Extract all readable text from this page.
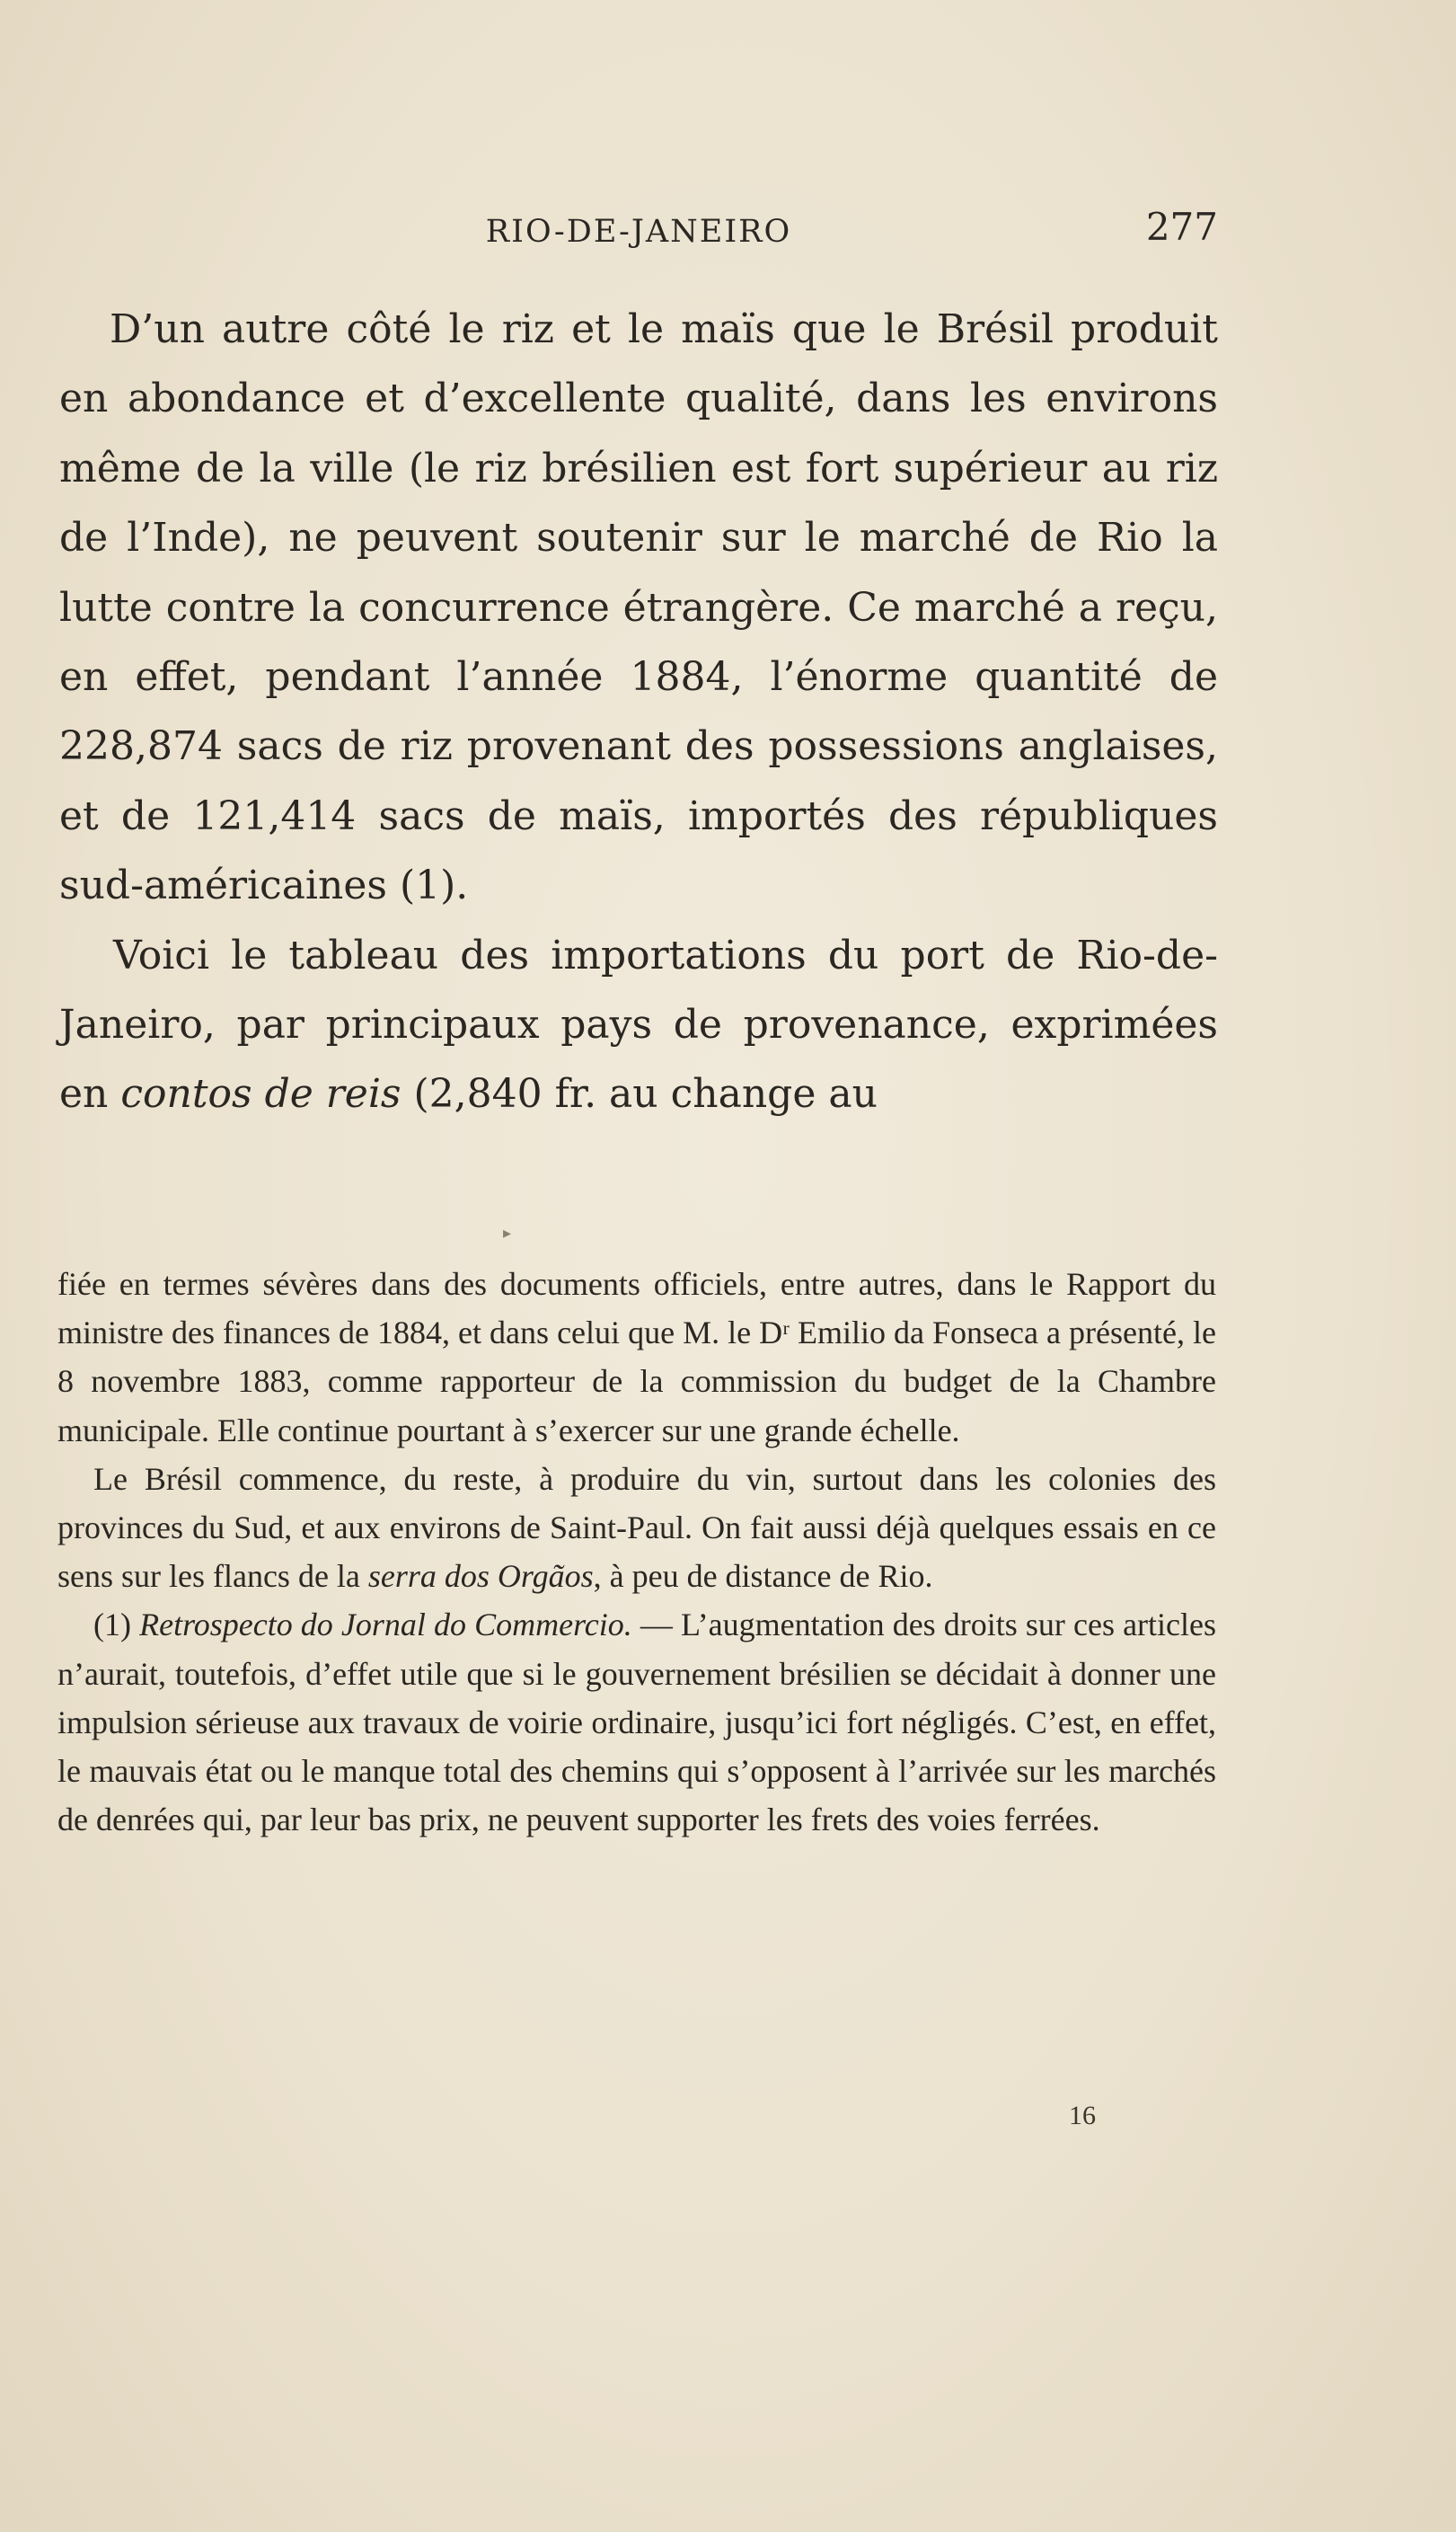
RIO-DE-JANEIRO	277

D’un autre côté le riz et le maïs que le Brésil produit en abondance et d’excellente qualité, dans les environs même de la ville (le riz brésilien est fort supérieur au riz de l’Inde), ne peuvent soutenir sur le marché de Rio la lutte contre la concurrence étrangère. Ce marché a reçu, en effet, pendant l’année 1884, l’énorme quantité de 228,874 sacs de riz provenant des possessions anglaises, et de 121,414 sacs de maïs, importés des républiques sud-américaines (1).

Voici le tableau des importations du port de Rio-de-Janeiro, par principaux pays de provenance, exprimées en contos de reis (2,840 fr. au change au

▸

fiée en termes sévères dans des documents officiels, entre autres, dans le Rapport du ministre des finances de 1884, et dans celui que M. le Dʳ Emilio da Fonseca a présenté, le 8 novembre 1883, comme rapporteur de la commission du budget de la Chambre municipale. Elle continue pourtant à s’exercer sur une grande échelle.

Le Brésil commence, du reste, à produire du vin, surtout dans les colonies des provinces du Sud, et aux environs de Saint-Paul. On fait aussi déjà quelques essais en ce sens sur les flancs de la serra dos Orgãos, à peu de distance de Rio.

(1) Retrospecto do Jornal do Commercio. — L’augmentation des droits sur ces articles n’aurait, toutefois, d’effet utile que si le gouvernement brésilien se décidait à donner une impulsion sérieuse aux travaux de voirie ordinaire, jusqu’ici fort négligés. C’est, en effet, le mauvais état ou le manque total des chemins qui s’opposent à l’arrivée sur les marchés de denrées qui, par leur bas prix, ne peuvent supporter les frets des voies ferrées.

16
